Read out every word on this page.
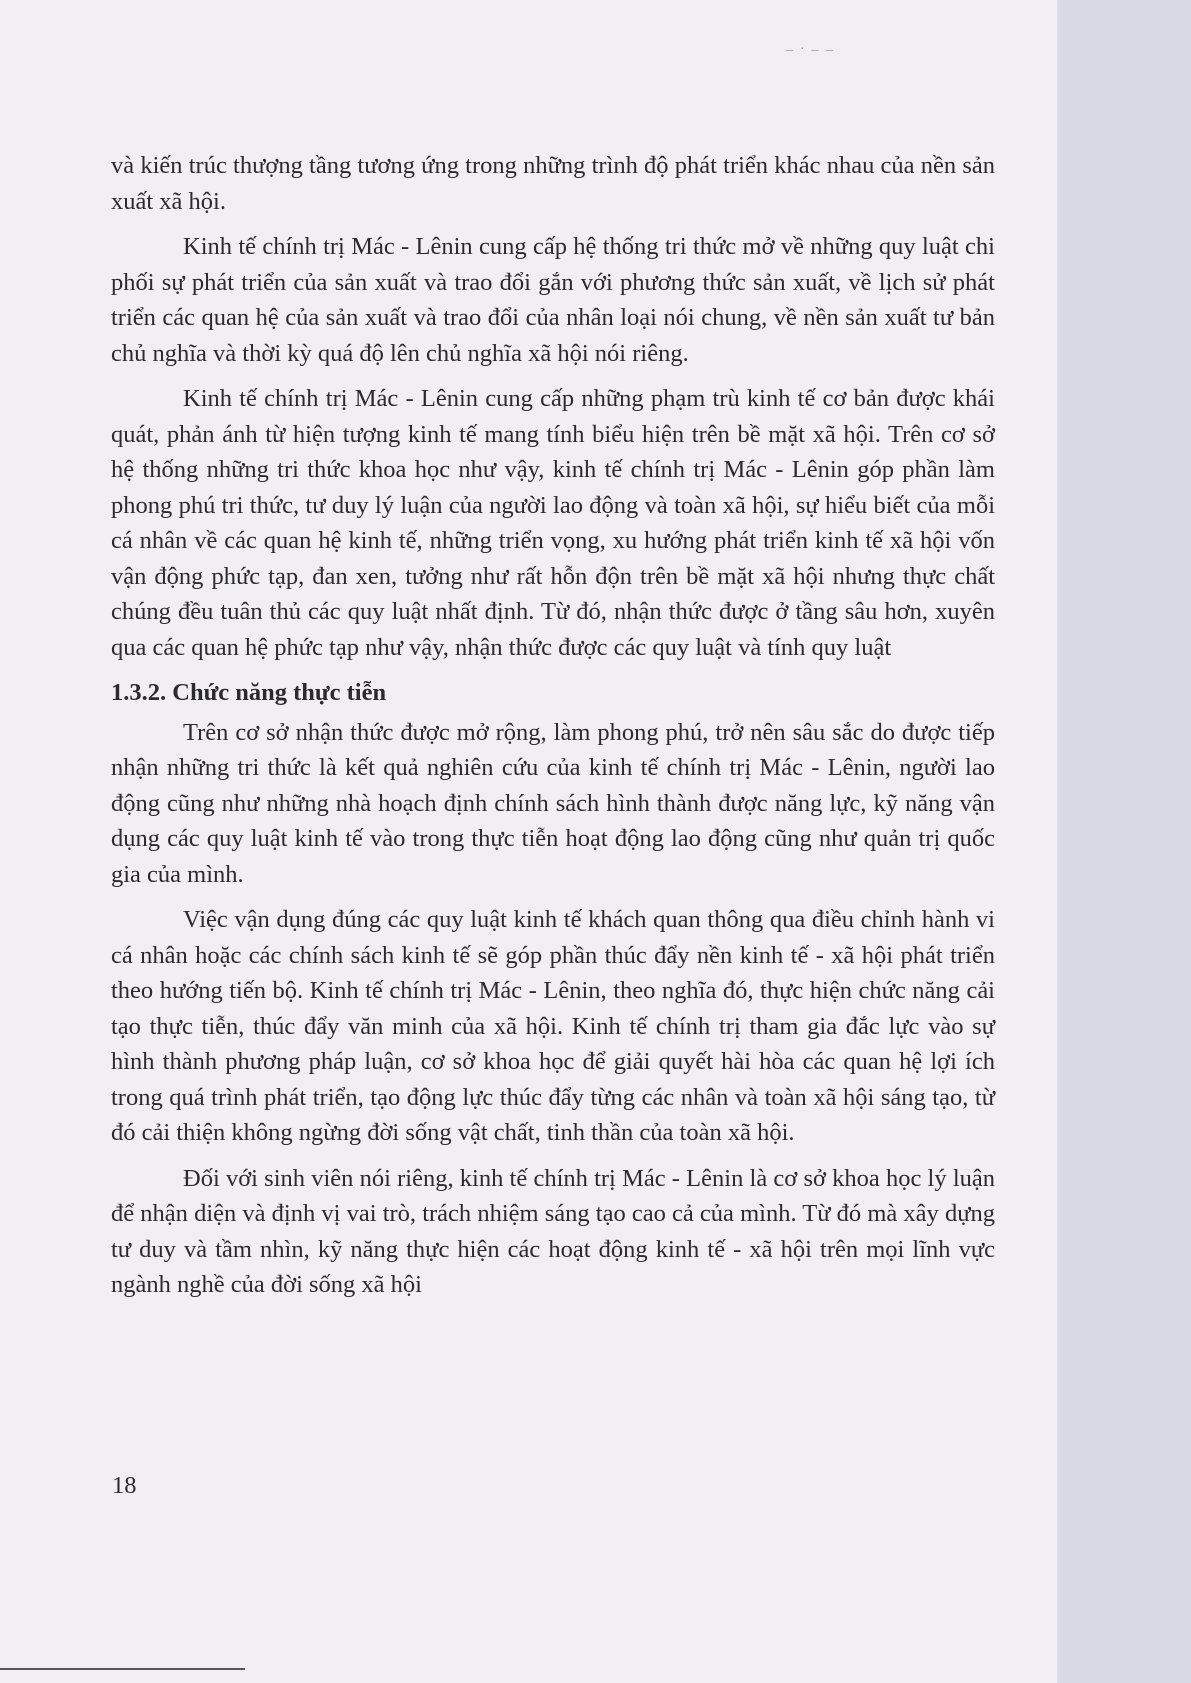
_ . _ _

và kiến trúc thượng tầng tương ứng trong những trình độ phát triển khác nhau của nền sản xuất xã hội.

Kinh tế chính trị Mác - Lênin cung cấp hệ thống tri thức mở về những quy luật chi phối sự phát triển của sản xuất và trao đổi gắn với phương thức sản xuất, về lịch sử phát triển các quan hệ của sản xuất và trao đổi của nhân loại nói chung, về nền sản xuất tư bản chủ nghĩa và thời kỳ quá độ lên chủ nghĩa xã hội nói riêng.

Kinh tế chính trị Mác - Lênin cung cấp những phạm trù kinh tế cơ bản được khái quát, phản ánh từ hiện tượng kinh tế mang tính biểu hiện trên bề mặt xã hội. Trên cơ sở hệ thống những tri thức khoa học như vậy, kinh tế chính trị Mác - Lênin góp phần làm phong phú tri thức, tư duy lý luận của người lao động và toàn xã hội, sự hiểu biết của mỗi cá nhân về các quan hệ kinh tế, những triển vọng, xu hướng phát triển kinh tế xã hội vốn vận động phức tạp, đan xen, tưởng như rất hỗn độn trên bề mặt xã hội nhưng thực chất chúng đều tuân thủ các quy luật nhất định. Từ đó, nhận thức được ở tầng sâu hơn, xuyên qua các quan hệ phức tạp như vậy, nhận thức được các quy luật và tính quy luật

1.3.2. Chức năng thực tiễn

Trên cơ sở nhận thức được mở rộng, làm phong phú, trở nên sâu sắc do được tiếp nhận những tri thức là kết quả nghiên cứu của kinh tế chính trị Mác - Lênin, người lao động cũng như những nhà hoạch định chính sách hình thành được năng lực, kỹ năng vận dụng các quy luật kinh tế vào trong thực tiễn hoạt động lao động cũng như quản trị quốc gia của mình.

Việc vận dụng đúng các quy luật kinh tế khách quan thông qua điều chỉnh hành vi cá nhân hoặc các chính sách kinh tế sẽ góp phần thúc đẩy nền kinh tế - xã hội phát triển theo hướng tiến bộ. Kinh tế chính trị Mác - Lênin, theo nghĩa đó, thực hiện chức năng cải tạo thực tiễn, thúc đẩy văn minh của xã hội. Kinh tế chính trị tham gia đắc lực vào sự hình thành phương pháp luận, cơ sở khoa học để giải quyết hài hòa các quan hệ lợi ích trong quá trình phát triển, tạo động lực thúc đẩy từng các nhân và toàn xã hội sáng tạo, từ đó cải thiện không ngừng đời sống vật chất, tinh thần của toàn xã hội.

Đối với sinh viên nói riêng, kinh tế chính trị Mác - Lênin là cơ sở khoa học lý luận để nhận diện và định vị vai trò, trách nhiệm sáng tạo cao cả của mình. Từ đó mà xây dựng tư duy và tầm nhìn, kỹ năng thực hiện các hoạt động kinh tế - xã hội trên mọi lĩnh vực ngành nghề của đời sống xã hội

18
